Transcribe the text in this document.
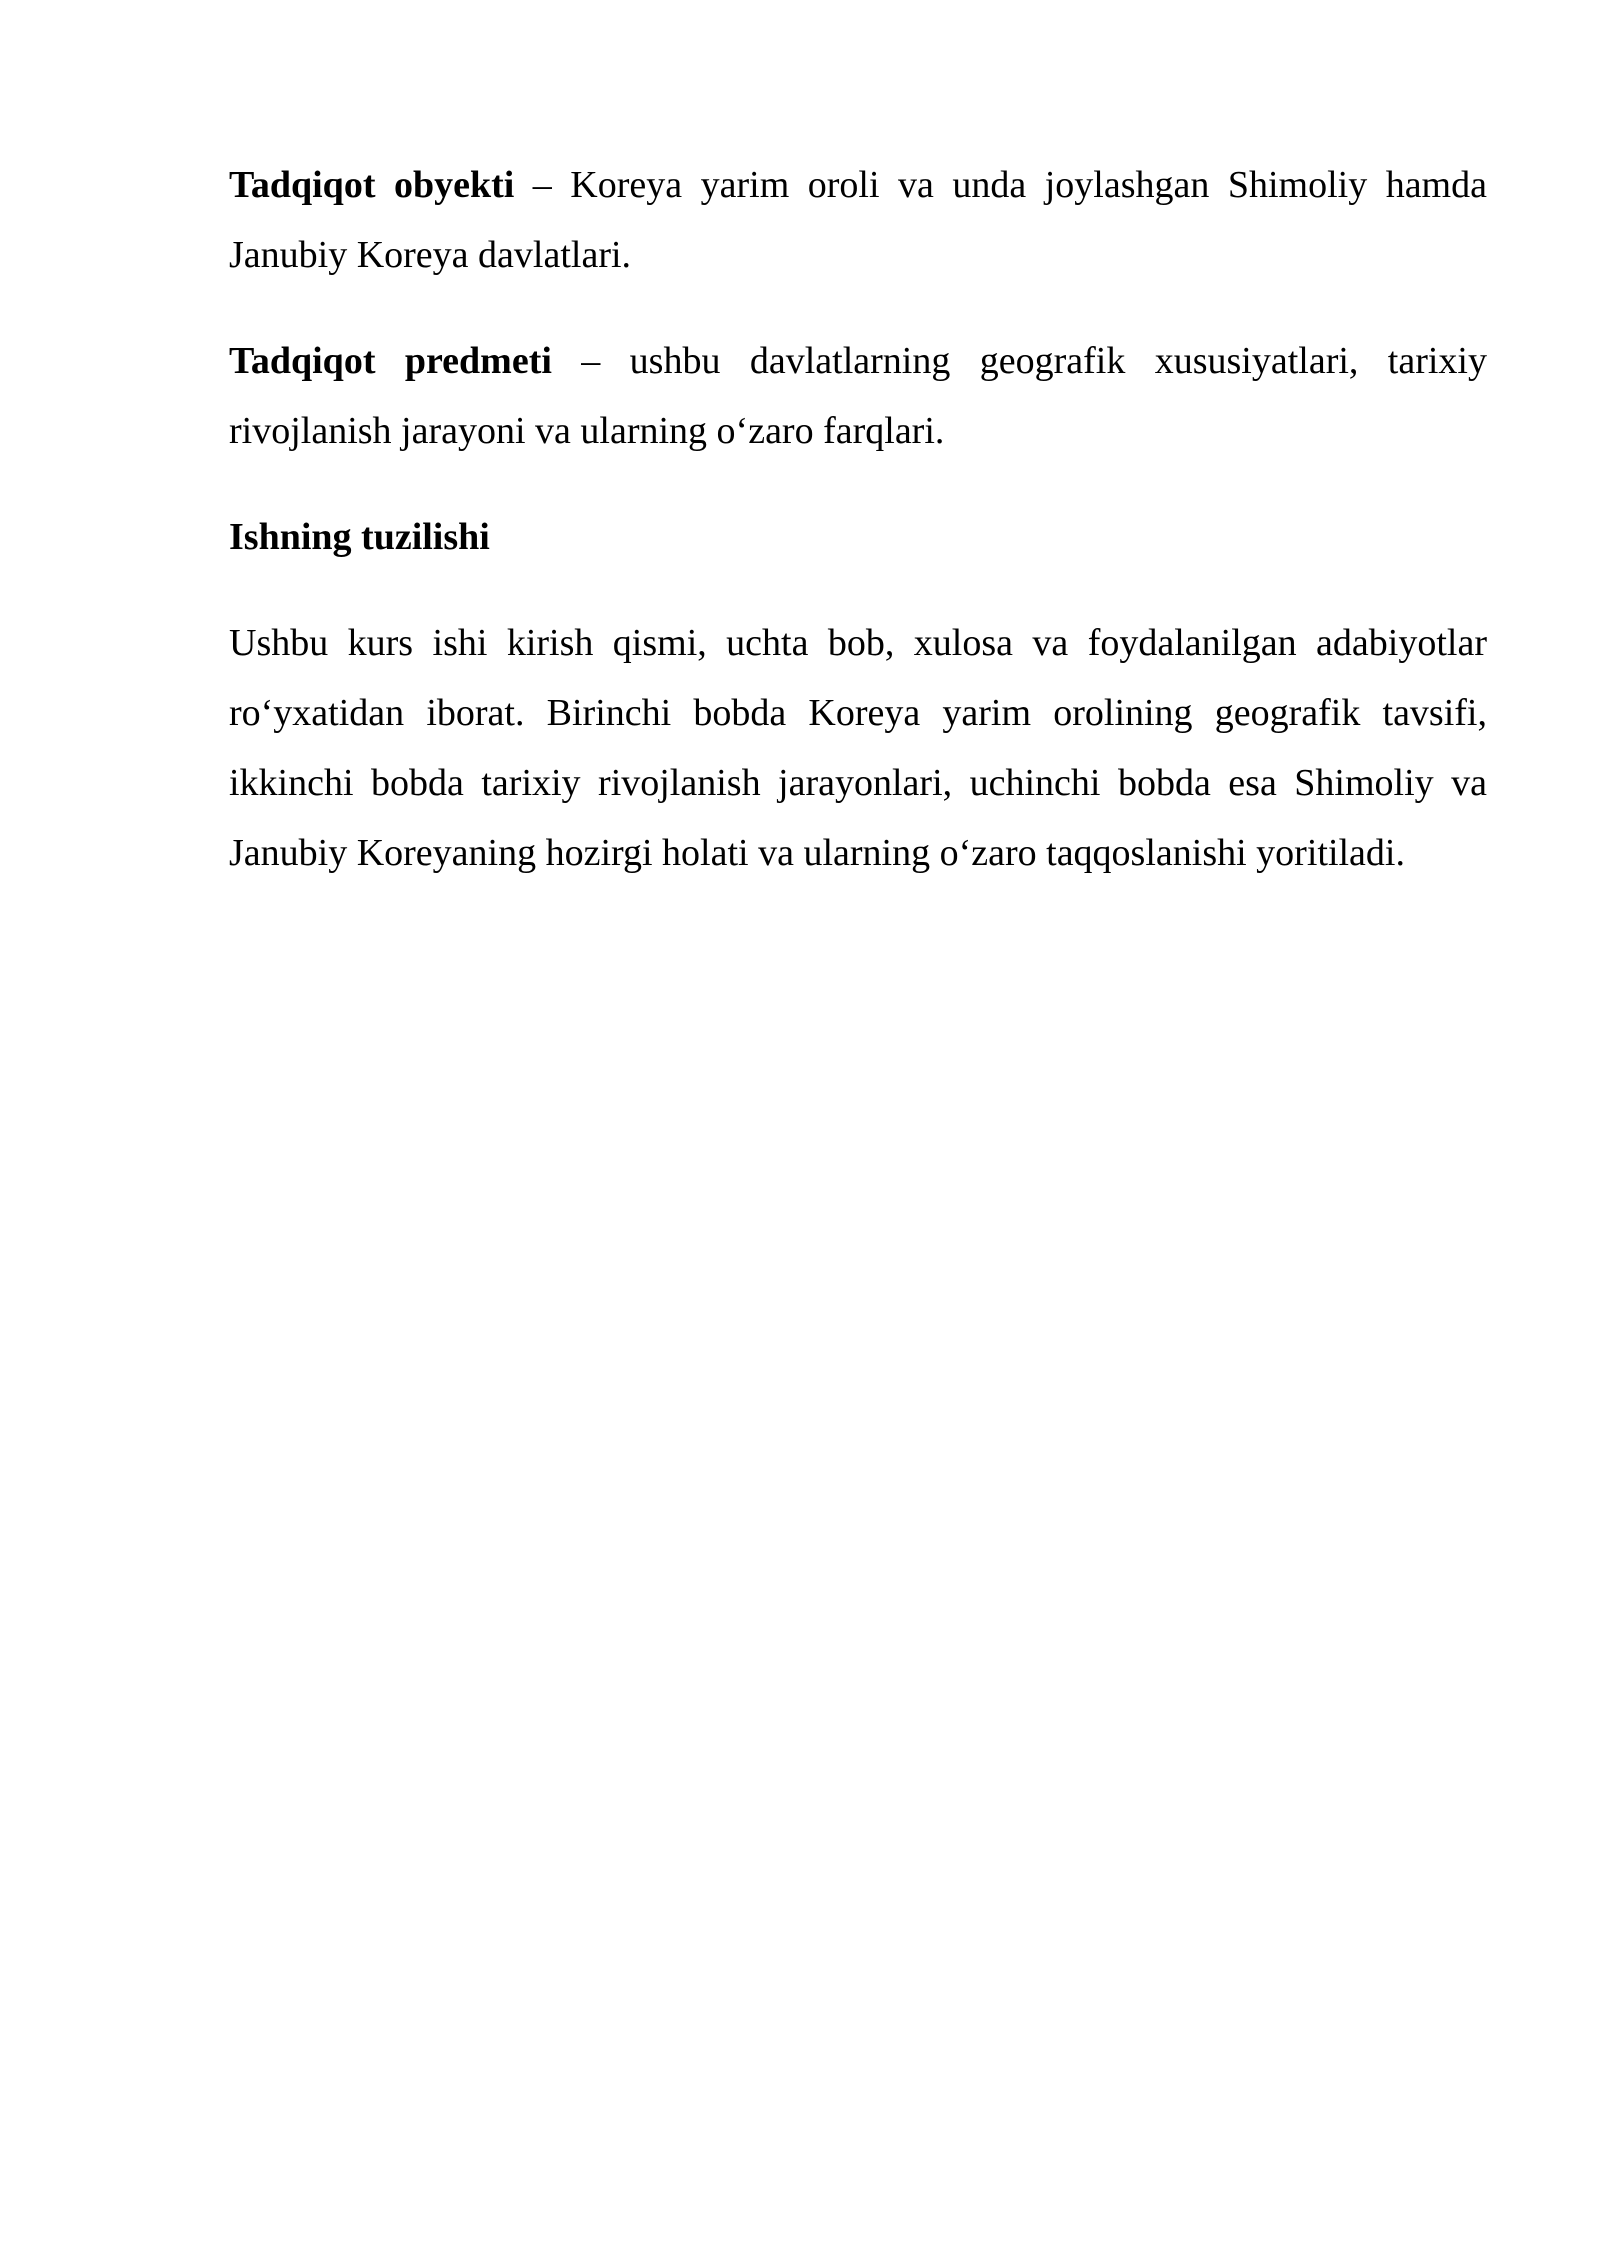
Tadqiqot obyekti – Koreya yarim oroli va unda joylashgan Shimoliy hamda Janubiy Koreya davlatlari.

Tadqiqot predmeti – ushbu davlatlarning geografik xususiyatlari, tarixiy rivojlanish jarayoni va ularning o‘zaro farqlari.

Ishning tuzilishi

Ushbu kurs ishi kirish qismi, uchta bob, xulosa va foydalanilgan adabiyotlar ro‘yxatidan iborat. Birinchi bobda Koreya yarim orolining geografik tavsifi, ikkinchi bobda tarixiy rivojlanish jarayonlari, uchinchi bobda esa Shimoliy va Janubiy Koreyaning hozirgi holati va ularning o‘zaro taqqoslanishi yoritiladi.
